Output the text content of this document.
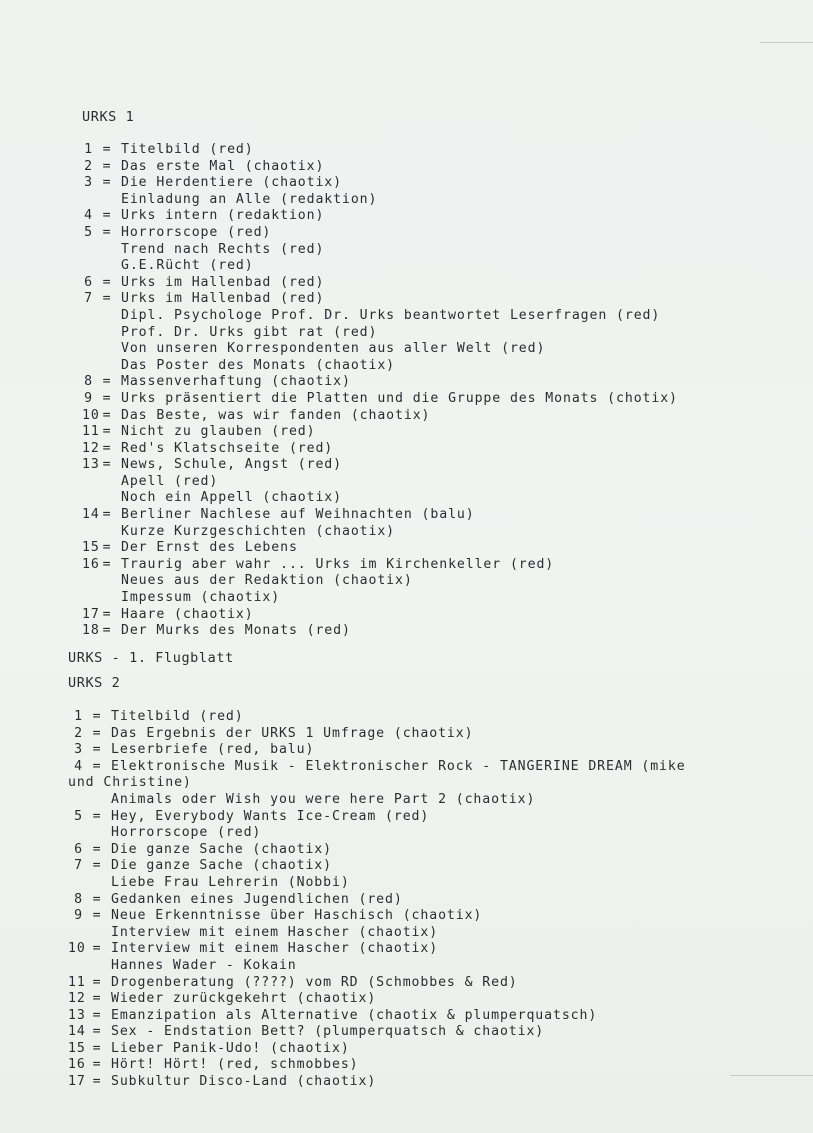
URKS 1
1 = Titelbild (red)
2 = Das erste Mal (chaotix)
3 = Die Herdentiere (chaotix)
Einladung an Alle (redaktion)
4 = Urks intern (redaktion)
5 = Horrorscope (red)
Trend nach Rechts (red)
G.E.Rücht (red)
6 = Urks im Hallenbad (red)
7 = Urks im Hallenbad (red)
Dipl. Psychologe Prof. Dr. Urks beantwortet Leserfragen (red)
Prof. Dr. Urks gibt rat (red)
Von unseren Korrespondenten aus aller Welt (red)
Das Poster des Monats (chaotix)
8 = Massenverhaftung (chaotix)
9 = Urks präsentiert die Platten und die Gruppe des Monats (chotix)
10 = Das Beste, was wir fanden (chaotix)
11 = Nicht zu glauben (red)
12 = Red's Klatschseite (red)
13 = News, Schule, Angst (red)
Apell (red)
Noch ein Appell (chaotix)
14 = Berliner Nachlese auf Weihnachten (balu)
Kurze Kurzgeschichten (chaotix)
15 = Der Ernst des Lebens
16 = Traurig aber wahr ... Urks im Kirchenkeller (red)
Neues aus der Redaktion (chaotix)
Impessum (chaotix)
17 = Haare (chaotix)
18 = Der Murks des Monats (red)
URKS - 1. Flugblatt
URKS 2
1 = Titelbild (red)
2 = Das Ergebnis der URKS 1 Umfrage (chaotix)
3 = Leserbriefe (red, balu)
4 = Elektronische Musik - Elektronischer Rock - TANGERINE DREAM (mike
und Christine)
Animals oder Wish you were here Part 2 (chaotix)
5 = Hey, Everybody Wants Ice-Cream (red)
Horrorscope (red)
6 = Die ganze Sache (chaotix)
7 = Die ganze Sache (chaotix)
Liebe Frau Lehrerin (Nobbi)
8 = Gedanken eines Jugendlichen (red)
9 = Neue Erkenntnisse über Haschisch (chaotix)
Interview mit einem Hascher (chaotix)
10 = Interview mit einem Hascher (chaotix)
Hannes Wader - Kokain
11 = Drogenberatung (????) vom RD (Schmobbes & Red)
12 = Wieder zurückgekehrt (chaotix)
13 = Emanzipation als Alternative (chaotix & plumperquatsch)
14 = Sex - Endstation Bett? (plumperquatsch & chaotix)
15 = Lieber Panik-Udo! (chaotix)
16 = Hört! Hört! (red, schmobbes)
17 = Subkultur Disco-Land (chaotix)
